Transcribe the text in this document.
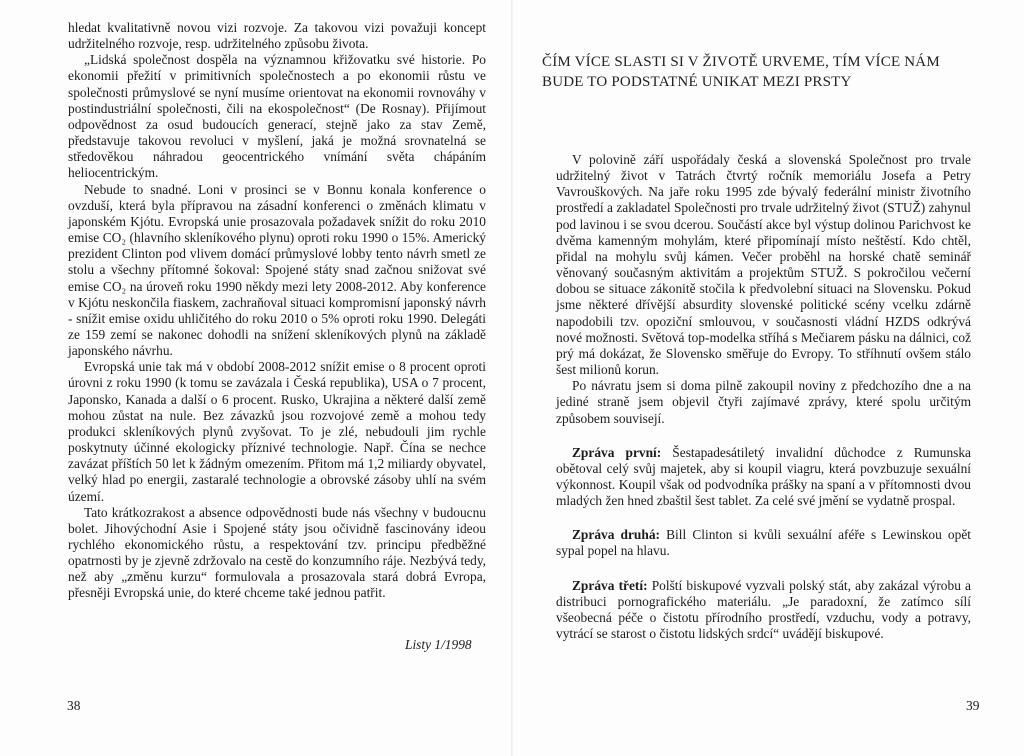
hledat kvalitativně novou vizi rozvoje. Za takovou vizi považuji koncept udržitelného rozvoje, resp. udržitelného způsobu života.

„Lidská společnost dospěla na významnou křižovatku své historie. Po ekonomii přežití v primitivních společnostech a po ekonomii růstu ve společnosti průmyslové se nyní musíme orientovat na ekonomii rovnováhy v postindustriální společnosti, čili na ekospolečnost“ (De Rosnay). Přijímout odpovědnost za osud budoucích generací, stejně jako za stav Země, představuje takovou revoluci v myšlení, jaká je možná srovnatelná se středověkou náhradou geocentrického vnímání světa chápáním heliocentrickým.

Nebude to snadné. Loni v prosinci se v Bonnu konala konference o ovzduší, která byla přípravou na zásadní konferenci o změnách klimatu v japonském Kjótu. Evropská unie prosazovala požadavek snížit do roku 2010 emise CO₂ (hlavního skleníkového plynu) oproti roku 1990 o 15%. Americký prezident Clinton pod vlivem domácí průmyslové lobby tento návrh smetl ze stolu a všechny přítomné šokoval: Spojené státy snad začnou snižovat své emise CO₂ na úroveň roku 1990 někdy mezi lety 2008-2012. Aby konference v Kjótu neskončila fiaskem, zachraňoval situaci kompromisní japonský návrh - snížit emise oxidu uhličitého do roku 2010 o 5% oproti roku 1990. Delegáti ze 159 zemí se nakonec dohodli na snížení skleníkových plynů na základě japonského návrhu.

Evropská unie tak má v období 2008-2012 snížit emise o 8 procent oproti úrovni z roku 1990 (k tomu se zavázala i Česká republika), USA o 7 procent, Japonsko, Kanada a další o 6 procent. Rusko, Ukrajina a některé další země mohou zůstat na nule. Bez závazků jsou rozvojové země a mohou tedy produkci skleníkových plynů zvyšovat. To je zlé, nebudouli jim rychle poskytnuty účinné ekologicky příznivé technologie. Např. Čína se nechce zavázat příštích 50 let k žádným omezením. Přitom má 1,2 miliardy obyvatel, velký hlad po energii, zastaralé technologie a obrovské zásoby uhlí na svém území.

Tato krátkozrakost a absence odpovědnosti bude nás všechny v budoucnu bolet. Jihovýchodní Asie i Spojené státy jsou očividně fascinovány ideou rychlého ekonomického růstu, a respektování tzv. principu předběžné opatrnosti by je zjevně zdržovalo na cestě do konzumního ráje. Nezbývá tedy, než aby „změnu kurzu“ formulovala a prosazovala stará dobrá Evropa, přesněji Evropská unie, do které chceme také jednou patřit.

Listy 1/1998
38
ČÍM VÍCE SLASTI SI V ŽIVOTĚ URVEME, TÍM VÍCE NÁM BUDE TO PODSTATNÉ UNIKAT MEZI PRSTY

V polovině září uspořádaly česká a slovenská Společnost pro trvale udržitelný život v Tatrách čtvrtý ročník memoriálu Josefa a Petry Vavrouškových. Na jaře roku 1995 zde bývalý federální ministr životního prostředí a zakladatel Společnosti pro trvale udržitelný život (STUŽ) zahynul pod lavinou i se svou dcerou. Součástí akce byl výstup dolinou Parichvost ke dvěma kamenným mohylám, které připomínají místo neštěstí. Kdo chtěl, přidal na mohylu svůj kámen. Večer proběhl na horské chatě seminář věnovaný současným aktivitám a projektům STUŽ. S pokročilou večerní dobou se situace zákonitě stočila k předvolební situaci na Slovensku. Pokud jsme některé dřívější absurdity slovenské politické scény vcelku zdárně napodobili tzv. opoziční smlouvou, v současnosti vládní HZDS odkrývá nové možnosti. Světová top-modelka stříhá s Mečiarem pásku na dálnici, což prý má dokázat, že Slovensko směřuje do Evropy. To stříhnutí ovšem stálo šest milionů korun.

Po návratu jsem si doma pilně zakoupil noviny z předchozího dne a na jediné straně jsem objevil čtyři zajímavé zprávy, které spolu určitým způsobem souvisejí.

Zpráva první: Šestapadesátiletý invalidní důchodce z Rumunska obětoval celý svůj majetek, aby si koupil viagru, která povzbuzuje sexuální výkonnost. Koupil však od podvodníka prášky na spaní a v přítomnosti dvou mladých žen hned zbaštil šest tablet. Za celé své jmění se vydatně prospal.

Zpráva druhá: Bill Clinton si kvůli sexuální aféře s Lewinskou opět sypal popel na hlavu.

Zpráva třetí: Polští biskupové vyzvali polský stát, aby zakázal výrobu a distribuci pornografického materiálu. „Je paradoxní, že zatímco sílí všeobecná péče o čistotu přírodního prostředí, vzduchu, vody a potravy, vytrácí se starost o čistotu lidských srdcí“ uvádějí biskupové.

39
